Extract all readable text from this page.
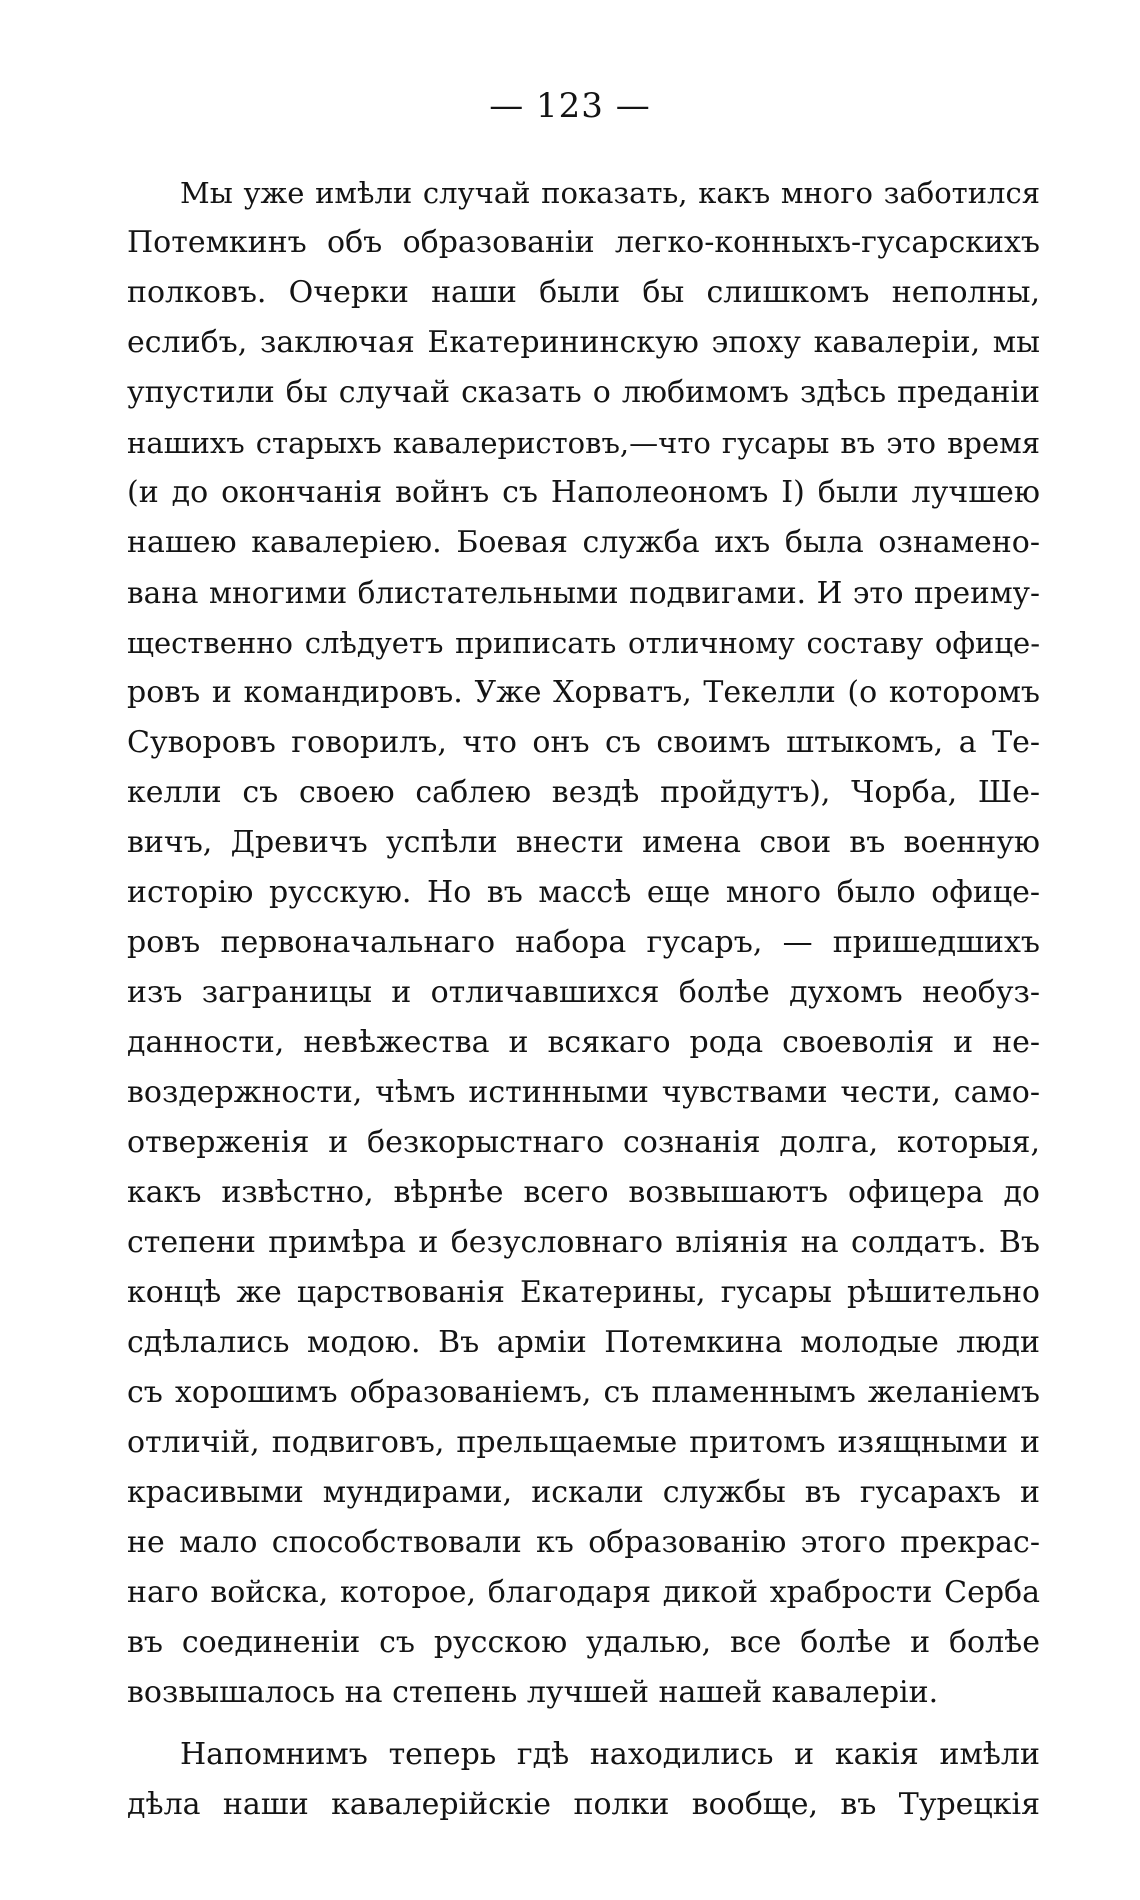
— 123 —
Мы уже имѣли случай показать, какъ много заботился
Потемкинъ объ образованіи легко-конныхъ-гусарскихъ
полковъ. Очерки наши были бы слишкомъ неполны,
еслибъ, заключая Екатерининскую эпоху кавалеріи, мы
упустили бы случай сказать о любимомъ здѣсь преданіи
нашихъ старыхъ кавалеристовъ,—что гусары въ это время
(и до окончанія войнъ съ Наполеономъ I) были лучшею
нашею кавалеріею. Боевая служба ихъ была ознамено-
вана многими блистательными подвигами. И это преиму-
щественно слѣдуетъ приписать отличному составу офице-
ровъ и командировъ. Уже Хорватъ, Текелли (о которомъ
Суворовъ говорилъ, что онъ съ своимъ штыкомъ, а Те-
келли съ своею саблею вездѣ пройдутъ), Чорба, Ше-
вичъ, Древичъ успѣли внести имена свои въ военную
исторію русскую. Но въ массѣ еще много было офице-
ровъ первоначальнаго набора гусаръ, — пришедшихъ
изъ заграницы и отличавшихся болѣе духомъ необуз-
данности, невѣжества и всякаго рода своеволія и не-
воздержности, чѣмъ истинными чувствами чести, само-
отверженія и безкорыстнаго сознанія долга, которыя,
какъ извѣстно, вѣрнѣе всего возвышаютъ офицера до
степени примѣра и безусловнаго вліянія на солдатъ. Въ
концѣ же царствованія Екатерины, гусары рѣшительно
сдѣлались модою. Въ арміи Потемкина молодые люди
съ хорошимъ образованіемъ, съ пламеннымъ желаніемъ
отличій, подвиговъ, прельщаемые притомъ изящными и
красивыми мундирами, искали службы въ гусарахъ и
не мало способствовали къ образованію этого прекрас-
наго войска, которое, благодаря дикой храбрости Серба
въ соединеніи съ русскою удалью, все болѣе и болѣе
возвышалось на степень лучшей нашей кавалеріи.
Напомнимъ теперь гдѣ находились и какія имѣли
дѣла наши кавалерійскіе полки вообще, въ Турецкія
